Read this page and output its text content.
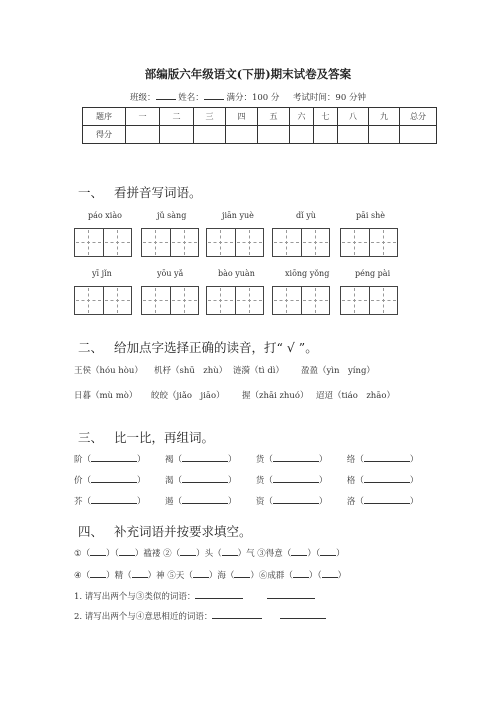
部编版六年级语文(下册)期末试卷及答案
班级：	姓名：	满分：100 分 考试时间：90 分钟
题序	一	二	三	四	五	六	七	八	九	总分
得分										
一、 看拼音写词语。
páo xiào	jǔ sàng	jiān yuè	dǐ yù	pāi shè
yī jǐn	yōu yǎ	bào yuàn	xiōng yǒng	péng pài
二、 给加点字选择正确的读音，打“ √ ”。
王侯（hóu hòu） 机杼（shū　zhù） 涟漪（tì dì） 盈盈（yìn　yíng）
日暮（mù mò） 皎皎（jiǎo　jiāo） 握（zhāi zhuó） 迢迢（tiáo　zhāo）
三、 比一比，再组词。
阶（	）  褐（	）  货（	）  络（	）
价（	）  渴（	）  货（	）  格（	）
芥（	）  遏（	）  资（	）  洛（	）
四、 补充词语并按要求填空。
①（ ）（ ）褴褛 ②（ ）头（ ）气 ③得意（ ）（ ）
④（ ）精（ ）神 ⑤天（ ）海（ ）⑥成群（ ）（ ）
1. 请写出两个与③类似的词语：
2. 请写出两个与④意思相近的词语：
